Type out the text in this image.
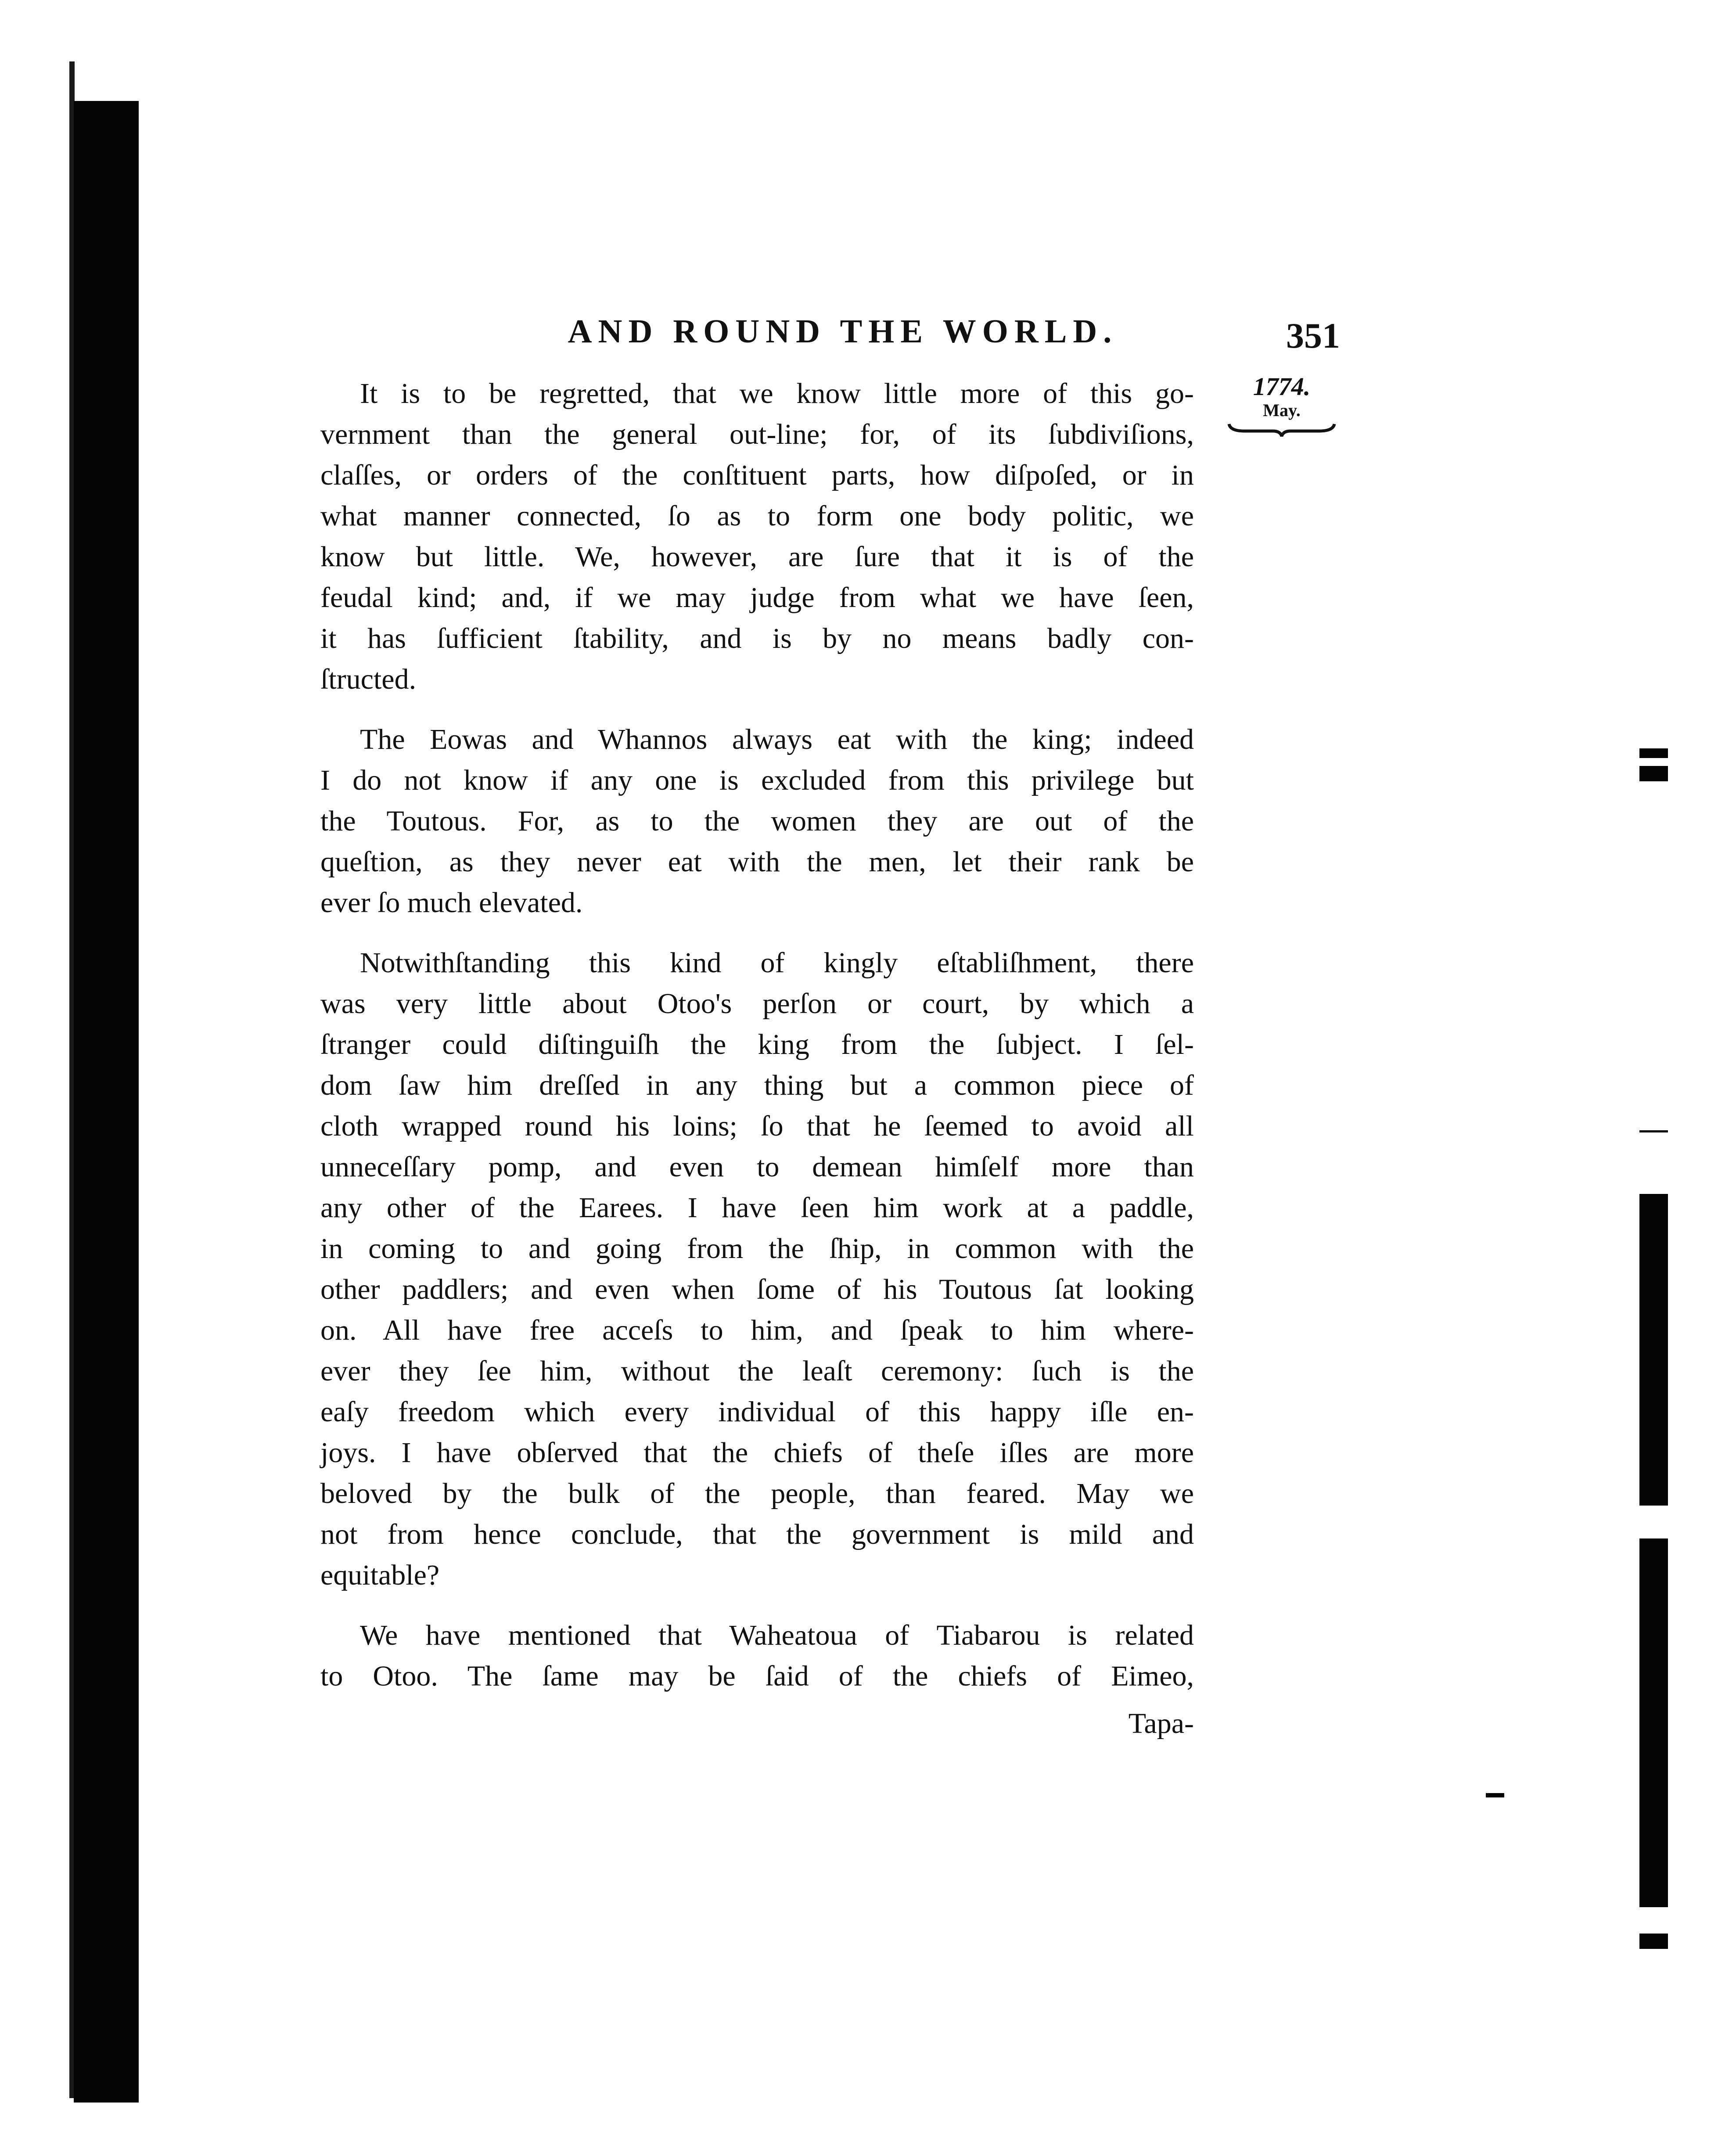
AND ROUND THE WORLD.	351
1774.
May.
It is to be regretted, that we know little more of this go-
vernment than the general out-line; for, of its ſubdiviſions,
claſſes, or orders of the conſtituent parts, how diſpoſed, or in
what manner connected, ſo as to form one body politic, we
know but little. We, however, are ſure that it is of the
feudal kind; and, if we may judge from what we have ſeen,
it has ſufficient ſtability, and is by no means badly con-
ſtructed.
The Eowas and Whannos always eat with the king; indeed
I do not know if any one is excluded from this privilege but
the Toutous. For, as to the women they are out of the
queſtion, as they never eat with the men, let their rank be
ever ſo much elevated.
Notwithſtanding this kind of kingly eſtabliſhment, there
was very little about Otoo's perſon or court, by which a
ſtranger could diſtinguiſh the king from the ſubject. I ſel-
dom ſaw him dreſſed in any thing but a common piece of
cloth wrapped round his loins; ſo that he ſeemed to avoid all
unneceſſary pomp, and even to demean himſelf more than
any other of the Earees. I have ſeen him work at a paddle,
in coming to and going from the ſhip, in common with the
other paddlers; and even when ſome of his Toutous ſat looking
on. All have free acceſs to him, and ſpeak to him where-
ever they ſee him, without the leaſt ceremony: ſuch is the
eaſy freedom which every individual of this happy iſle en-
joys. I have obſerved that the chiefs of theſe iſles are more
beloved by the bulk of the people, than feared. May we
not from hence conclude, that the government is mild and
equitable?
We have mentioned that Waheatoua of Tiabarou is related
to Otoo. The ſame may be ſaid of the chiefs of Eimeo,
Tapa-
